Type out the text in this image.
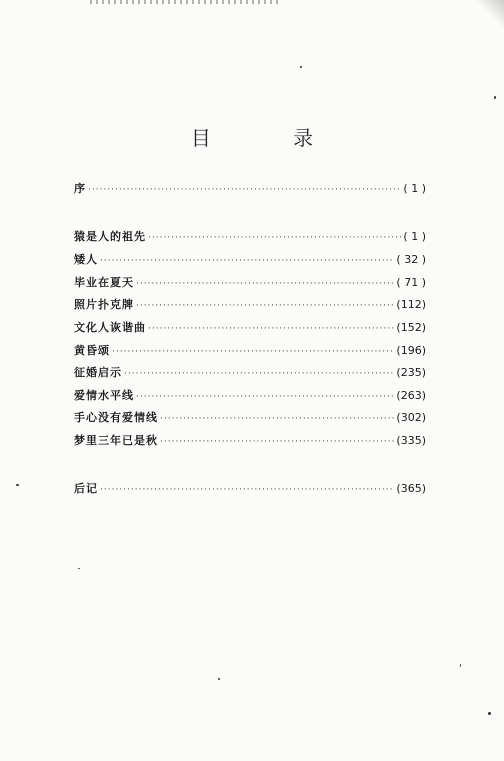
目 录
序 ·····	( 1 )
猿是人的祖先 ·····	( 1 )
矮人 ·····	( 32 )
毕业在夏天 ·····	( 71 )
照片扑克牌 ·····	(112)
文化人诙谐曲 ·····	(152)
黄昏颂 ·····	(196)
征婚启示 ·····	(235)
爱情水平线 ·····	(263)
手心没有爱情线 ·····	(302)
梦里三年已是秋 ·····	(335)
后记 ·····	(365)
